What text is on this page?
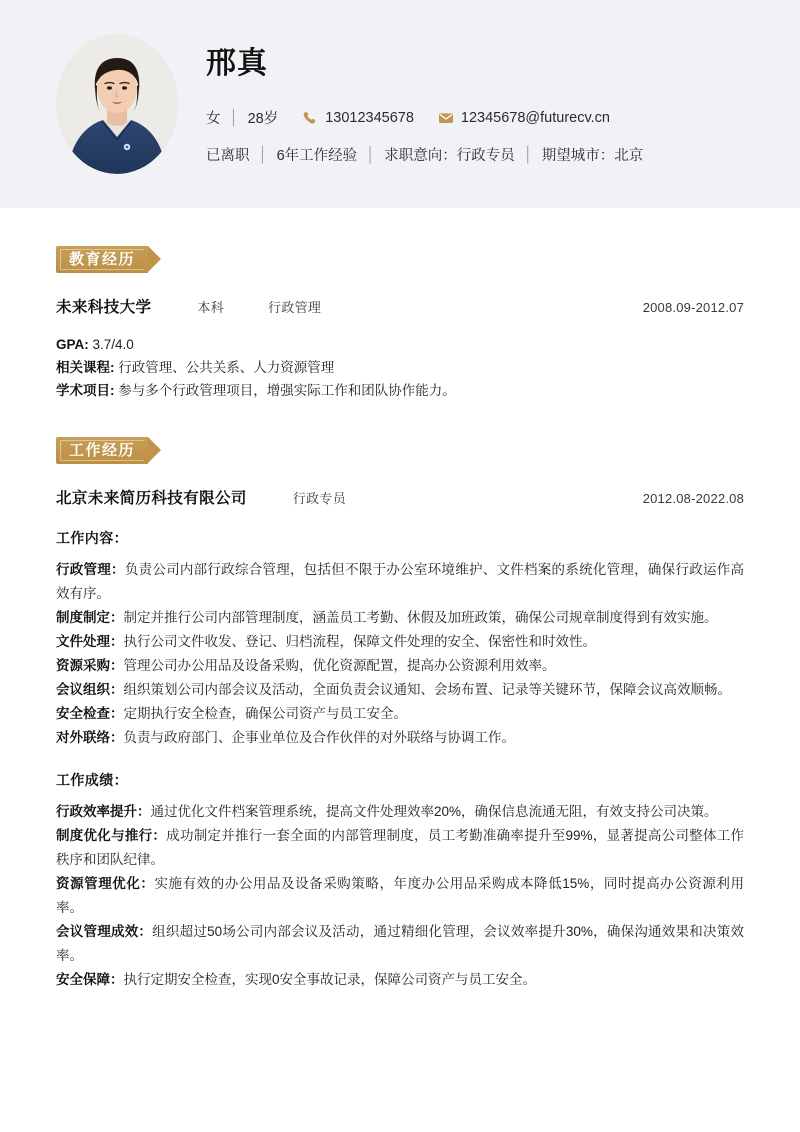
邢真
女 │ 28岁	13012345678	12345678@futurecv.cn
已离职 │ 6年工作经验 │ 求职意向：行政专员 │ 期望城市：北京
教育经历
未来科技大学	本科	行政管理	2008.09-2012.07
GPA: 3.7/4.0
相关课程: 行政管理、公共关系、人力资源管理
学术项目: 参与多个行政管理项目，增强实际工作和团队协作能力。
工作经历
北京未来简历科技有限公司	行政专员	2012.08-2022.08
工作内容：
行政管理：负责公司内部行政综合管理，包括但不限于办公室环境维护、文件档案的系统化管理，确保行政运作高效有序。
制度制定：制定并推行公司内部管理制度，涵盖员工考勤、休假及加班政策，确保公司规章制度得到有效实施。
文件处理：执行公司文件收发、登记、归档流程，保障文件处理的安全、保密性和时效性。
资源采购：管理公司办公用品及设备采购，优化资源配置，提高办公资源利用效率。
会议组织：组织策划公司内部会议及活动，全面负责会议通知、会场布置、记录等关键环节，保障会议高效顺畅。
安全检查：定期执行安全检查，确保公司资产与员工安全。
对外联络：负责与政府部门、企事业单位及合作伙伴的对外联络与协调工作。
工作成绩：
行政效率提升：通过优化文件档案管理系统，提高文件处理效率20%，确保信息流通无阻，有效支持公司决策。
制度优化与推行：成功制定并推行一套全面的内部管理制度，员工考勤准确率提升至99%，显著提高公司整体工作秩序和团队纪律。
资源管理优化：实施有效的办公用品及设备采购策略，年度办公用品采购成本降低15%，同时提高办公资源利用率。
会议管理成效：组织超过50场公司内部会议及活动，通过精细化管理，会议效率提升30%，确保沟通效果和决策效率。
安全保障：执行定期安全检查，实现0安全事故记录，保障公司资产与员工安全。
